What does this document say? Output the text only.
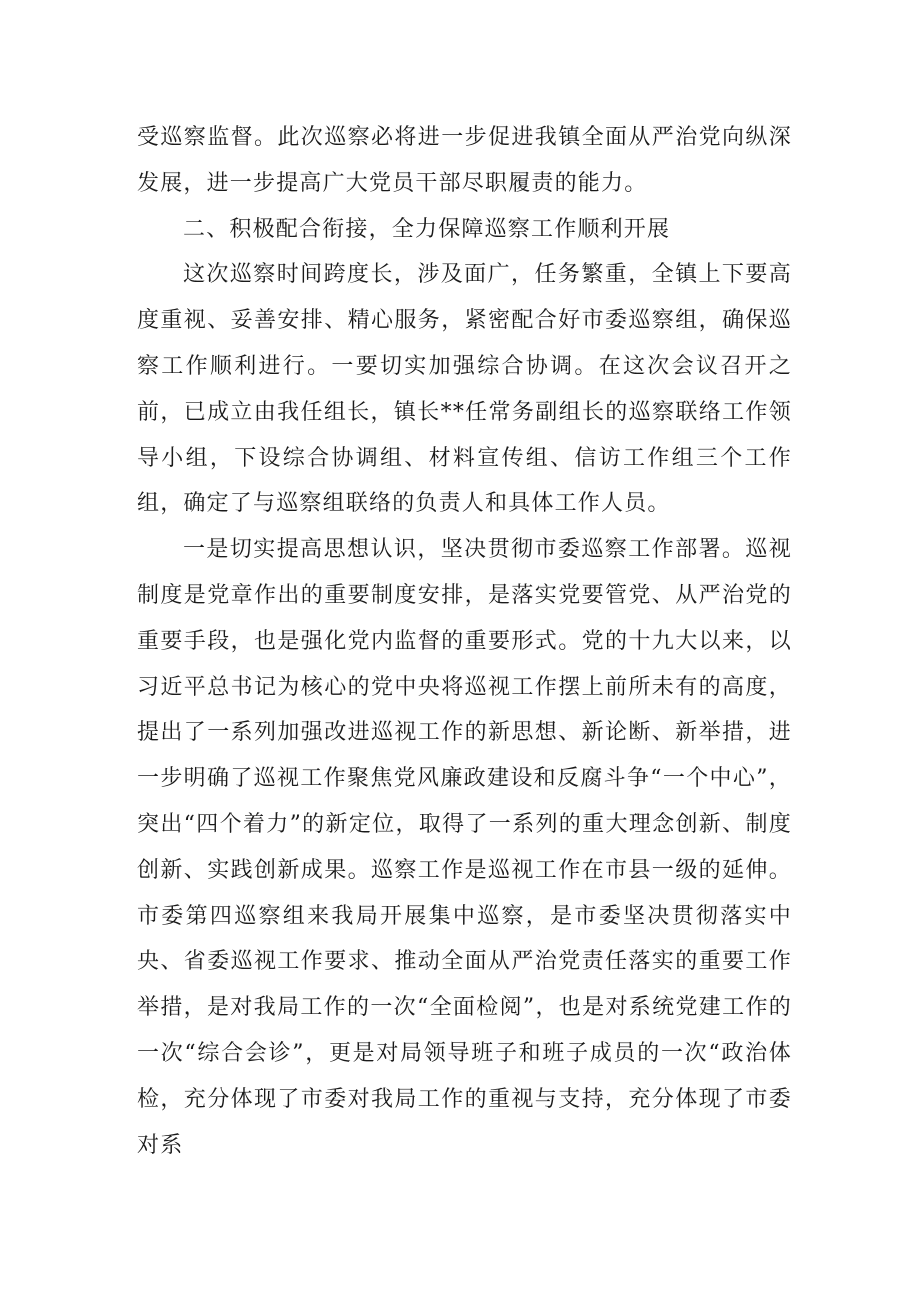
受巡察监督。此次巡察必将进一步促进我镇全面从严治党向纵深发展，进一步提高广大党员干部尽职履责的能力。

二、积极配合衔接，全力保障巡察工作顺利开展

这次巡察时间跨度长，涉及面广，任务繁重，全镇上下要高度重视、妥善安排、精心服务，紧密配合好市委巡察组，确保巡察工作顺利进行。一要切实加强综合协调。在这次会议召开之前，已成立由我任组长，镇长**任常务副组长的巡察联络工作领导小组，下设综合协调组、材料宣传组、信访工作组三个工作组，确定了与巡察组联络的负责人和具体工作人员。

一是切实提高思想认识，坚决贯彻市委巡察工作部署。巡视制度是党章作出的重要制度安排，是落实党要管党、从严治党的重要手段，也是强化党内监督的重要形式。党的十九大以来，以习近平总书记为核心的党中央将巡视工作摆上前所未有的高度，提出了一系列加强改进巡视工作的新思想、新论断、新举措，进一步明确了巡视工作聚焦党风廉政建设和反腐斗争“一个中心”，突出“四个着力”的新定位，取得了一系列的重大理念创新、制度创新、实践创新成果。巡察工作是巡视工作在市县一级的延伸。市委第四巡察组来我局开展集中巡察，是市委坚决贯彻落实中央、省委巡视工作要求、推动全面从严治党责任落实的重要工作举措，是对我局工作的一次“全面检阅”，也是对系统党建工作的一次“综合会诊”，更是对局领导班子和班子成员的一次“政治体检，充分体现了市委对我局工作的重视与支持，充分体现了市委对系
